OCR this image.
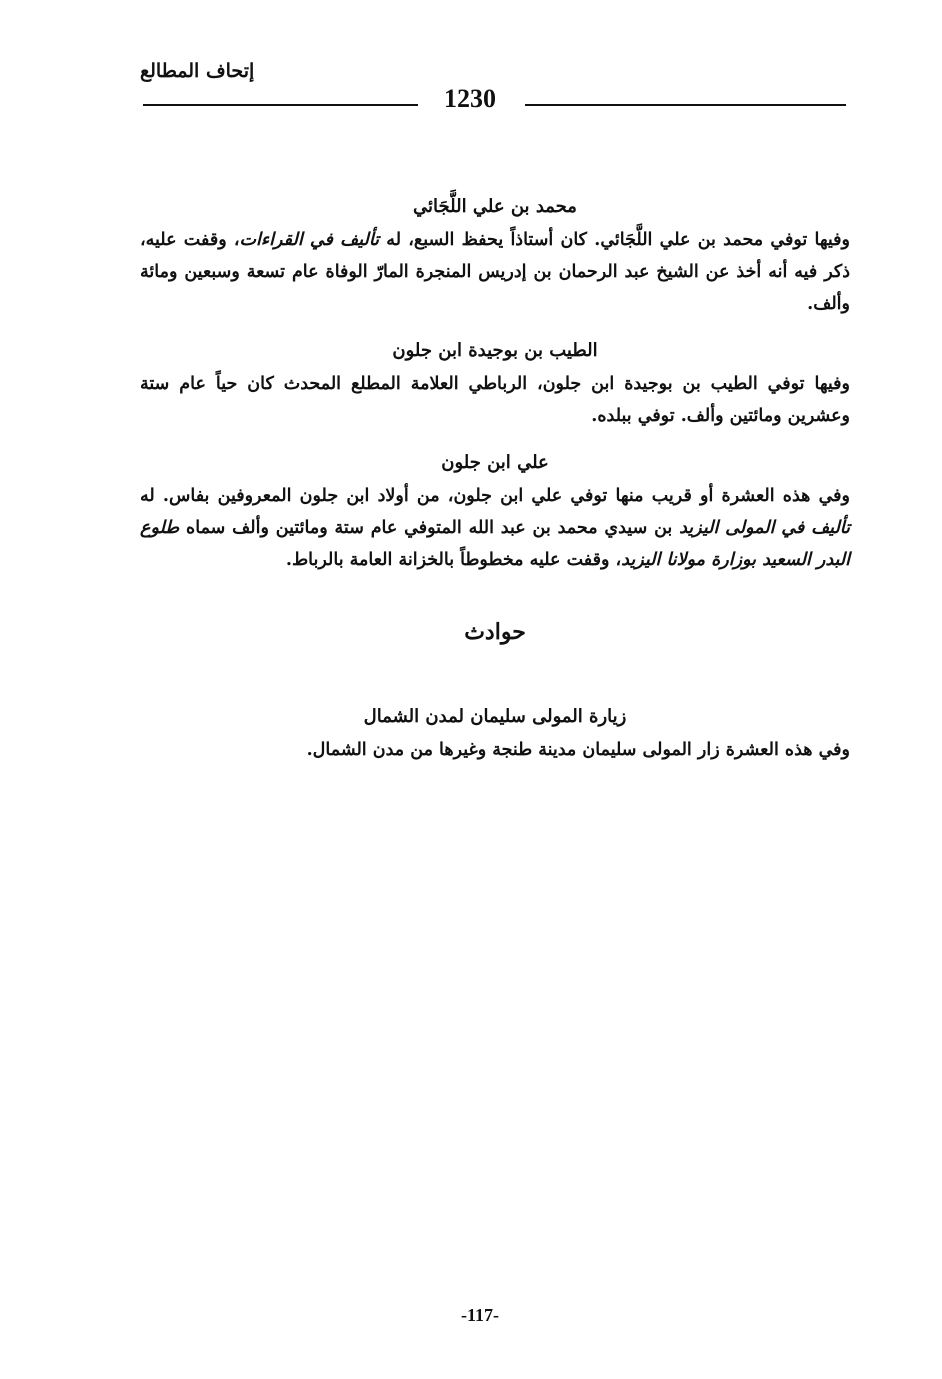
إتحاف المطالع
1230
محمد بن علي اللَّجَائي

وفيها توفي محمد بن علي اللَّجَائي. كان أستاذاً يحفظ السبع، له تأليف في القراءات، وقفت عليه، ذكر فيه أنه أخذ عن الشيخ عبد الرحمان بن إدريس المنجرة المارّ الوفاة عام تسعة وسبعين ومائة وألف.

الطيب بن بوجيدة ابن جلون

وفيها توفي الطيب بن بوجيدة ابن جلون، الرباطي العلامة المطلع المحدث كان حياً عام ستة وعشرين ومائتين وألف. توفي ببلده.

علي ابن جلون

وفي هذه العشرة أو قريب منها توفي علي ابن جلون، من أولاد ابن جلون المعروفين بفاس. له تأليف في المولى اليزيد بن سيدي محمد بن عبد الله المتوفي عام ستة ومائتين وألف سماه طلوع البدر السعيد بوزارة مولانا اليزيد، وقفت عليه مخطوطاً بالخزانة العامة بالرباط.

حوادث
زيارة المولى سليمان لمدن الشمال

وفي هذه العشرة زار المولى سليمان مدينة طنجة وغيرها من مدن الشمال.

-117-
